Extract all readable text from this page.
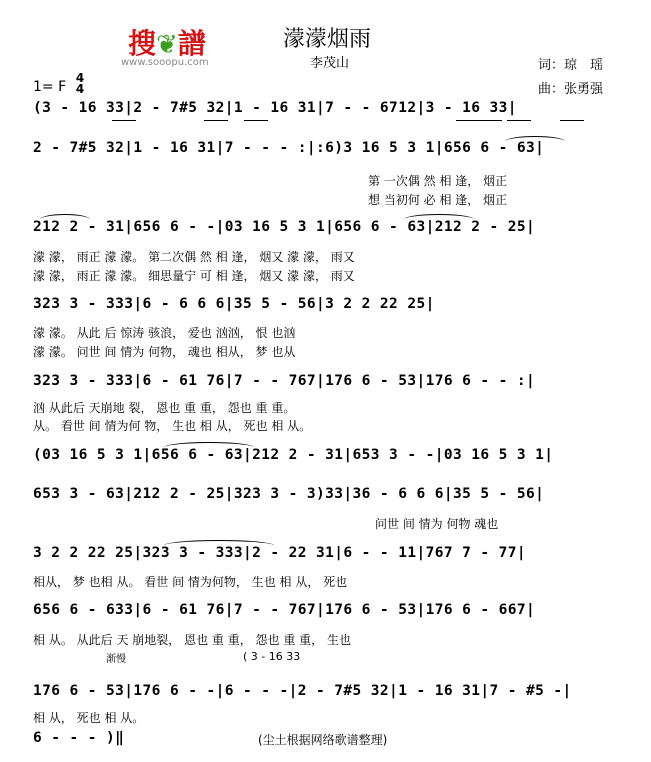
搜❦譜
www.sooopu.com
濛濛烟雨
李茂山	词：琼　瑶
曲：张勇强
1= F
4
4
(3 - 16 33|2 - 7#5 32|1 - 16 31|7 - - 6712|3 - 16 33|
2 - 7#5 32|1 - 16 31|7 - - - :|:6)3 16 5 3 1|656 6 - 63|
第 一次偶 然 相 逢， 烟正
想 当初何 必 相 逢， 烟正
212 2 - 31|656 6 - -|03 16 5 3 1|656 6 - 63|212 2 - 25|
濛 濛， 雨正 濛 濛。 第二次偶 然 相 逢， 烟又 濛 濛， 雨又
濛 濛， 雨正 濛 濛。 细思量宁 可 相 逢， 烟又 濛 濛， 雨又
323 3 - 333|6 - 6 6 6|35 5 - 56|3 2 2 22 25|
濛 濛。 从此 后 惊涛 骇浪， 爱也 汹汹， 恨 也汹
濛 濛。 问世 间 情为 何物， 魂也 相从， 梦 也从
323 3 - 333|6 - 61 76|7 - - 767|176 6 - 53|176 6 - - :|
汹 从此后 天崩地 裂， 恩也 重 重， 怨也 重 重。
从。 看世 间 情为何 物， 生也 相 从， 死也 相 从。
(03 16 5 3 1|656 6 - 63|212 2 - 31|653 3 - -|03 16 5 3 1|
653 3 - 63|212 2 - 25|323 3 - 3)33|36 - 6 6 6|35 5 - 56|
问世 间 情为 何物 魂也
3 2 2 22 25|323 3 - 333|2 - 22 31|6 - - 11|767 7 - 77|
相从， 梦 也相 从。 看世 间 情为何物， 生也 相 从， 死也
656 6 - 633|6 - 61 76|7 - - 767|176 6 - 53|176 6 - 667|
相 从。 从此后 天 崩地裂， 恩也 重 重， 怨也 重 重， 生也
渐慢	( 3 - 16 33
176 6 - 53|176 6 - -|6 - - -|2 - 7#5 32|1 - 16 31|7 - #5 -|
相 从， 死也 相 从。
6 - - - )‖	(尘土根据网络歌谱整理)
